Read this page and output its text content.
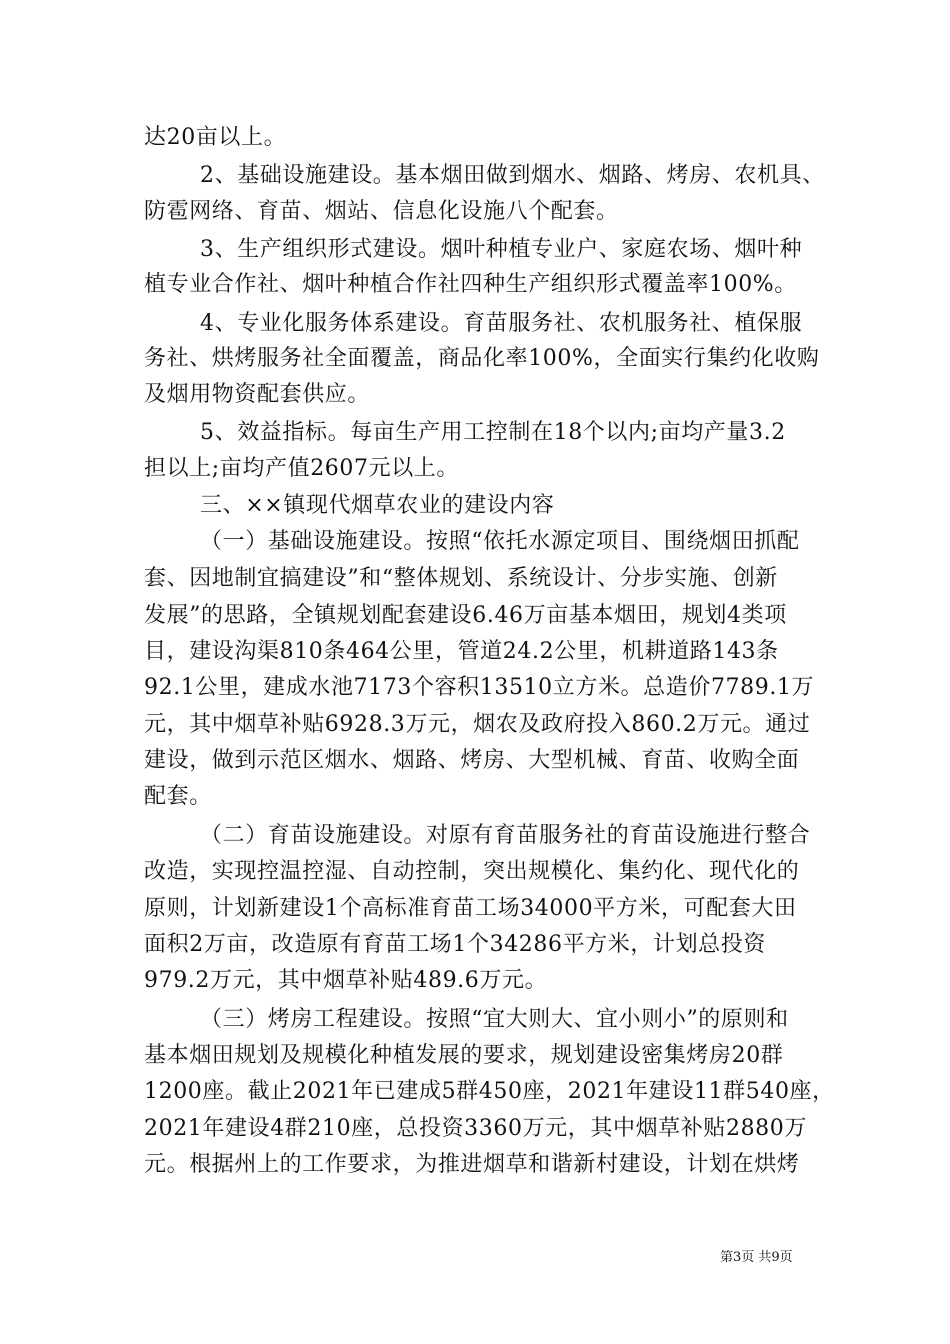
达20亩以上。
2、基础设施建设。基本烟田做到烟水、烟路、烤房、农机具、
防雹网络、育苗、烟站、信息化设施八个配套。
3、生产组织形式建设。烟叶种植专业户、家庭农场、烟叶种
植专业合作社、烟叶种植合作社四种生产组织形式覆盖率100%。
4、专业化服务体系建设。育苗服务社、农机服务社、植保服
务社、烘烤服务社全面覆盖，商品化率100%，全面实行集约化收购
及烟用物资配套供应。
5、效益指标。每亩生产用工控制在18个以内;亩均产量3.2
担以上;亩均产值2607元以上。
三、××镇现代烟草农业的建设内容
（一）基础设施建设。按照“依托水源定项目、围绕烟田抓配
套、因地制宜搞建设”和“整体规划、系统设计、分步实施、创新
发展”的思路，全镇规划配套建设6.46万亩基本烟田，规划4类项
目，建设沟渠810条464公里，管道24.2公里，机耕道路143条
92.1公里，建成水池7173个容积13510立方米。总造价7789.1万
元，其中烟草补贴6928.3万元，烟农及政府投入860.2万元。通过
建设，做到示范区烟水、烟路、烤房、大型机械、育苗、收购全面
配套。
（二）育苗设施建设。对原有育苗服务社的育苗设施进行整合
改造，实现控温控湿、自动控制，突出规模化、集约化、现代化的
原则，计划新建设1个高标准育苗工场34000平方米，可配套大田
面积2万亩，改造原有育苗工场1个34286平方米，计划总投资
979.2万元，其中烟草补贴489.6万元。
（三）烤房工程建设。按照“宜大则大、宜小则小”的原则和
基本烟田规划及规模化种植发展的要求，规划建设密集烤房20群
1200座。截止2021年已建成5群450座，2021年建设11群540座，
2021年建设4群210座，总投资3360万元，其中烟草补贴2880万
元。根据州上的工作要求，为推进烟草和谐新村建设，计划在烘烤
第3页 共9页
